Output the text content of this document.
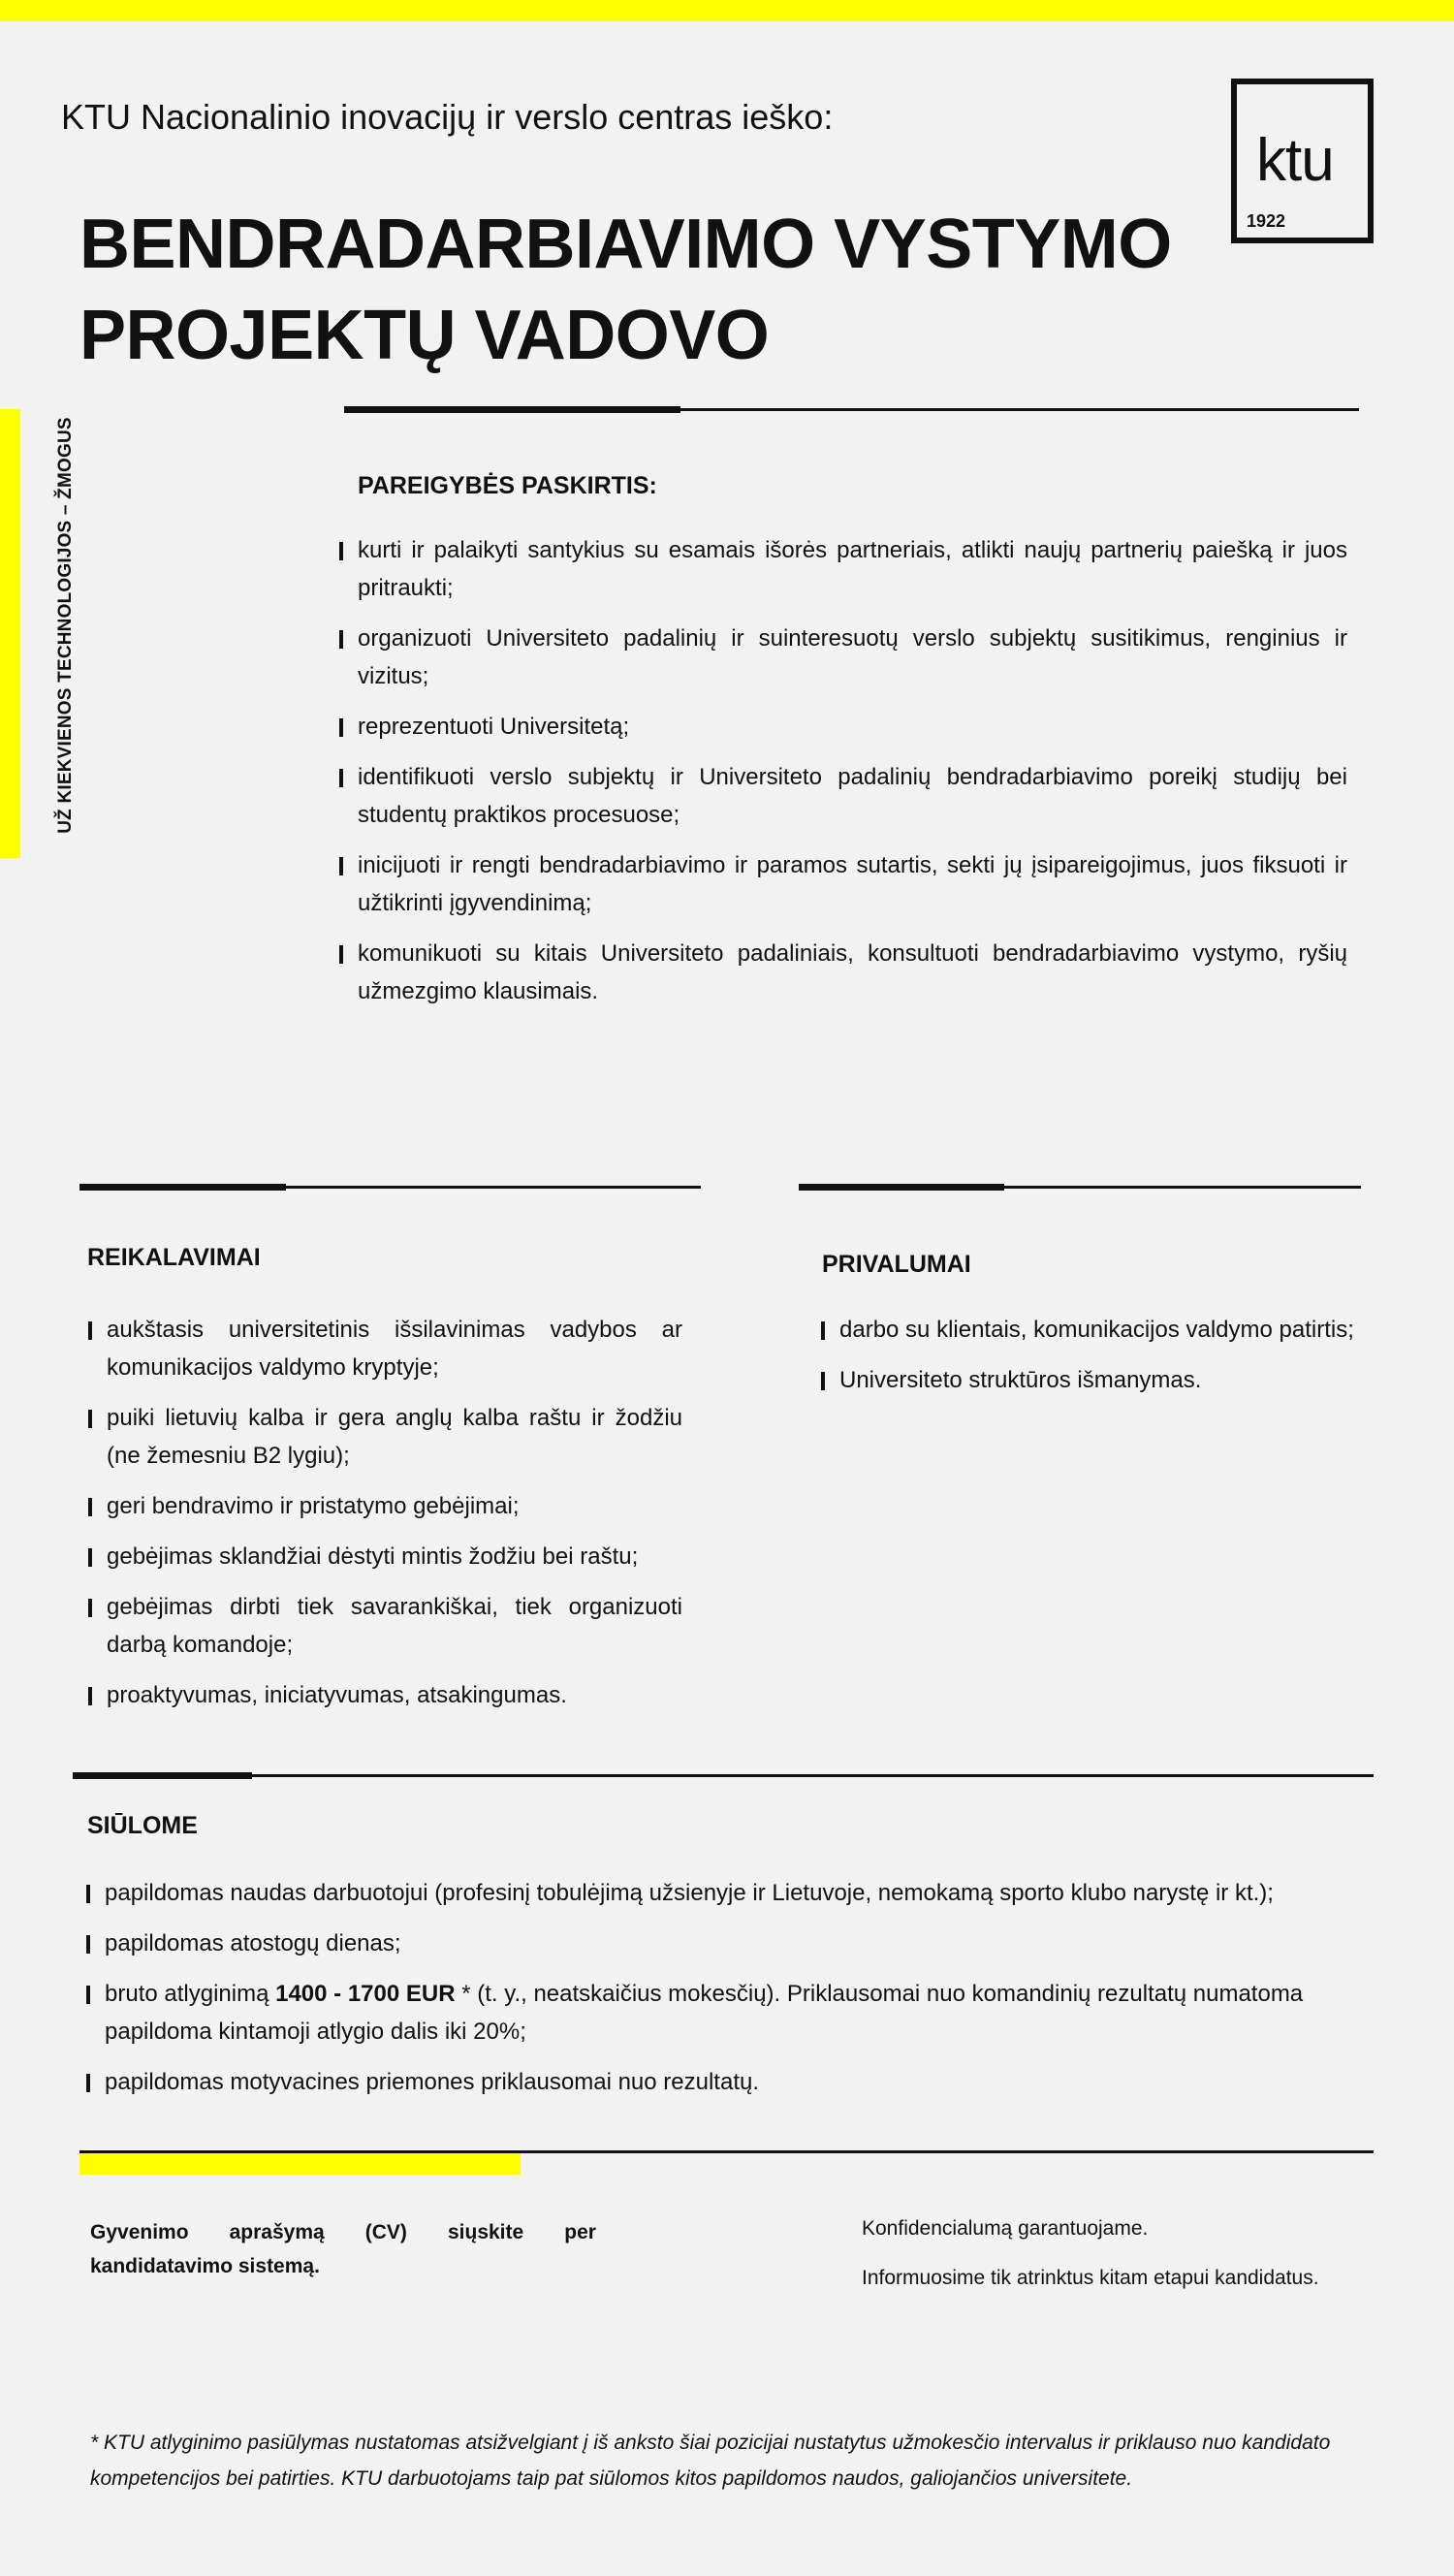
UŽ KIEKVIENOS TECHNOLOGIJOS – ŽMOGUS
KTU Nacionalinio inovacijų ir verslo centras ieško:
ktu
1922
BENDRADARBIAVIMO VYSTYMO
PROJEKTŲ VADOVO
PAREIGYBĖS PASKIRTIS:
kurti ir palaikyti santykius su esamais išorės partneriais, atlikti naujų partnerių paiešką ir juos pritraukti;
organizuoti Universiteto padalinių ir suinteresuotų verslo subjektų susitikimus, renginius ir vizitus;
reprezentuoti Universitetą;
identifikuoti verslo subjektų ir Universiteto padalinių bendradarbiavimo poreikį studijų bei studentų praktikos procesuose;
inicijuoti ir rengti bendradarbiavimo ir paramos sutartis, sekti jų įsipareigojimus, juos fiksuoti ir užtikrinti įgyvendinimą;
komunikuoti su kitais Universiteto padaliniais, konsultuoti bendradarbiavimo vystymo, ryšių užmezgimo klausimais.
REIKALAVIMAI
aukštasis universitetinis išsilavinimas vadybos ar komunikacijos valdymo kryptyje;
puiki lietuvių kalba ir gera anglų kalba raštu ir žodžiu (ne žemesniu B2 lygiu);
geri bendravimo ir pristatymo gebėjimai;
gebėjimas sklandžiai dėstyti mintis žodžiu bei raštu;
gebėjimas dirbti tiek savarankiškai, tiek organizuoti darbą komandoje;
proaktyvumas, iniciatyvumas, atsakingumas.
PRIVALUMAI
darbo su klientais, komunikacijos valdymo patirtis;
Universiteto struktūros išmanymas.
SIŪLOME
papildomas naudas darbuotojui (profesinį tobulėjimą užsienyje ir Lietuvoje, nemokamą sporto klubo narystę ir kt.);
papildomas atostogų dienas;
bruto atlyginimą 1400 - 1700 EUR * (t. y., neatskaičius mokesčių). Priklausomai nuo komandinių rezultatų numatoma papildoma kintamoji atlygio dalis iki 20%;
papildomas motyvacines priemones priklausomai nuo rezultatų.
Gyvenimo aprašymą (CV) siųskite per
kandidatavimo sistemą.

Konfidencialumą garantuojame.

Informuosime tik atrinktus kitam etapui kandidatus.

* KTU atlyginimo pasiūlymas nustatomas atsižvelgiant į iš anksto šiai pozicijai nustatytus užmokesčio intervalus ir priklauso nuo kandidato kompetencijos bei patirties. KTU darbuotojams taip pat siūlomos kitos papildomos naudos, galiojančios universitete.
